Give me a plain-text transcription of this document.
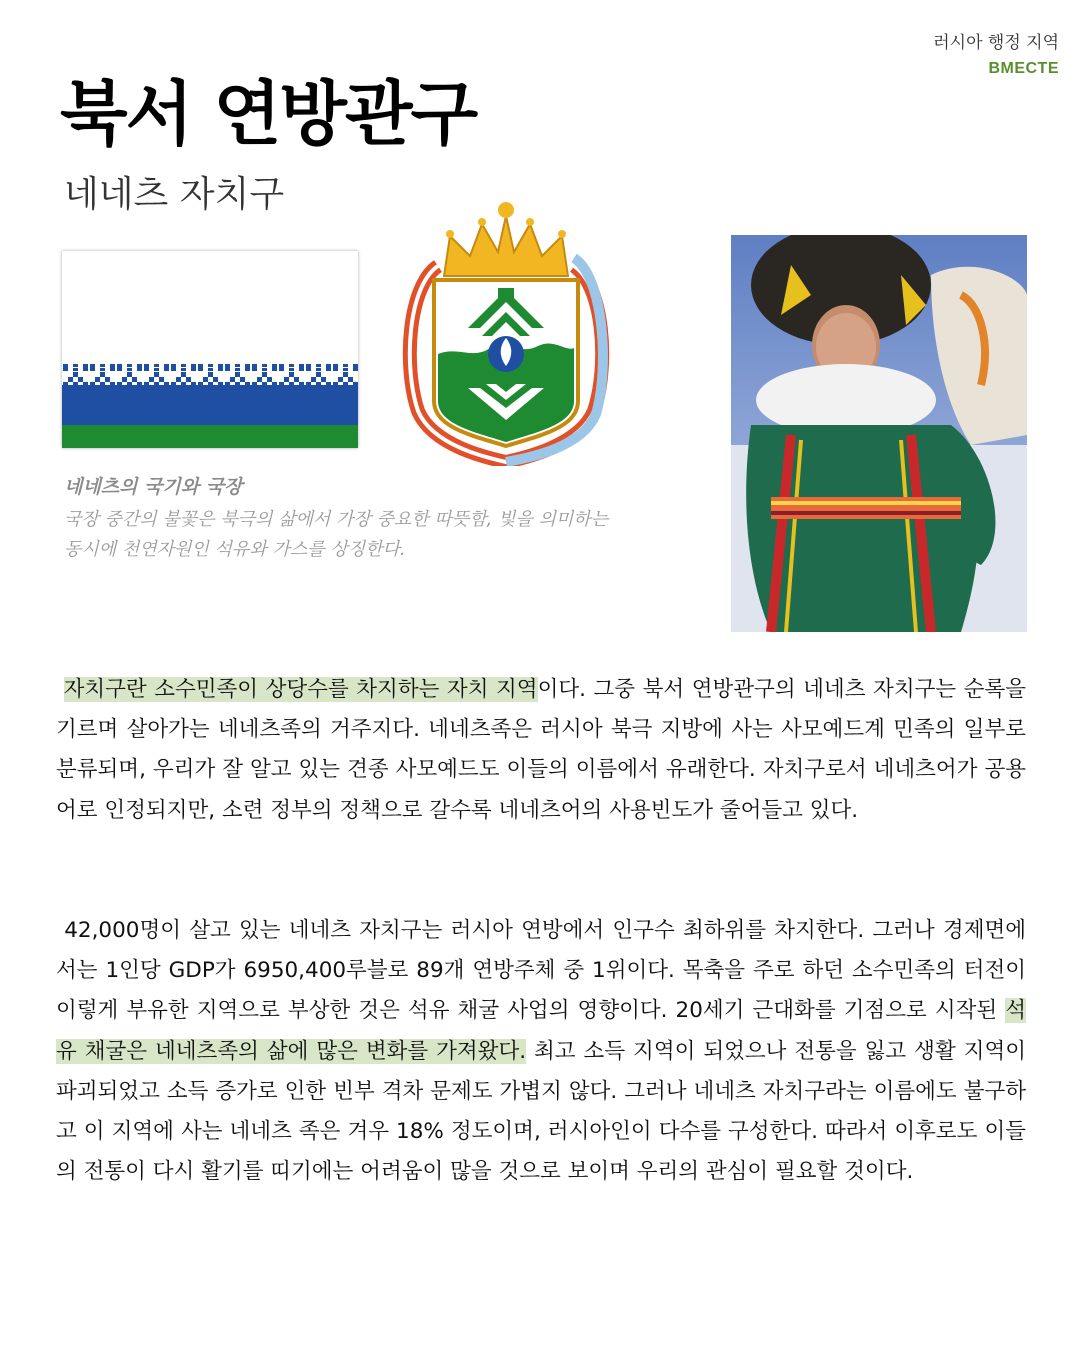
러시아 행정 지역
BMECTE
북서 연방관구
네네츠 자치구

네네츠의 국기와 국장

국장 중간의 불꽃은 북극의 삶에서 가장 중요한 따뜻함, 빛을 의미하는
동시에 천연자원인 석유와 가스를 상징한다.

자치구란 소수민족이 상당수를 차지하는 자치 지역이다. 그중 북서 연방관구의 네네츠 자치구는 순록을 기르며 살아가는 네네츠족의 거주지다. 네네츠족은 러시아 북극 지방에 사는 사모예드계 민족의 일부로 분류되며, 우리가 잘 알고 있는 견종 사모예드도 이들의 이름에서 유래한다. 자치구로서 네네츠어가 공용어로 인정되지만, 소련 정부의 정책으로 갈수록 네네츠어의 사용빈도가 줄어들고 있다.

42,000명이 살고 있는 네네츠 자치구는 러시아 연방에서 인구수 최하위를 차지한다. 그러나 경제면에서는 1인당 GDP가 6950,400루블로 89개 연방주체 중 1위이다. 목축을 주로 하던 소수민족의 터전이 이렇게 부유한 지역으로 부상한 것은 석유 채굴 사업의 영향이다. 20세기 근대화를 기점으로 시작된 석유 채굴은 네네츠족의 삶에 많은 변화를 가져왔다. 최고 소득 지역이 되었으나 전통을 잃고 생활 지역이 파괴되었고 소득 증가로 인한 빈부 격차 문제도 가볍지 않다. 그러나 네네츠 자치구라는 이름에도 불구하고 이 지역에 사는 네네츠 족은 겨우 18% 정도이며, 러시아인이 다수를 구성한다. 따라서 이후로도 이들의 전통이 다시 활기를 띠기에는 어려움이 많을 것으로 보이며 우리의 관심이 필요할 것이다.
